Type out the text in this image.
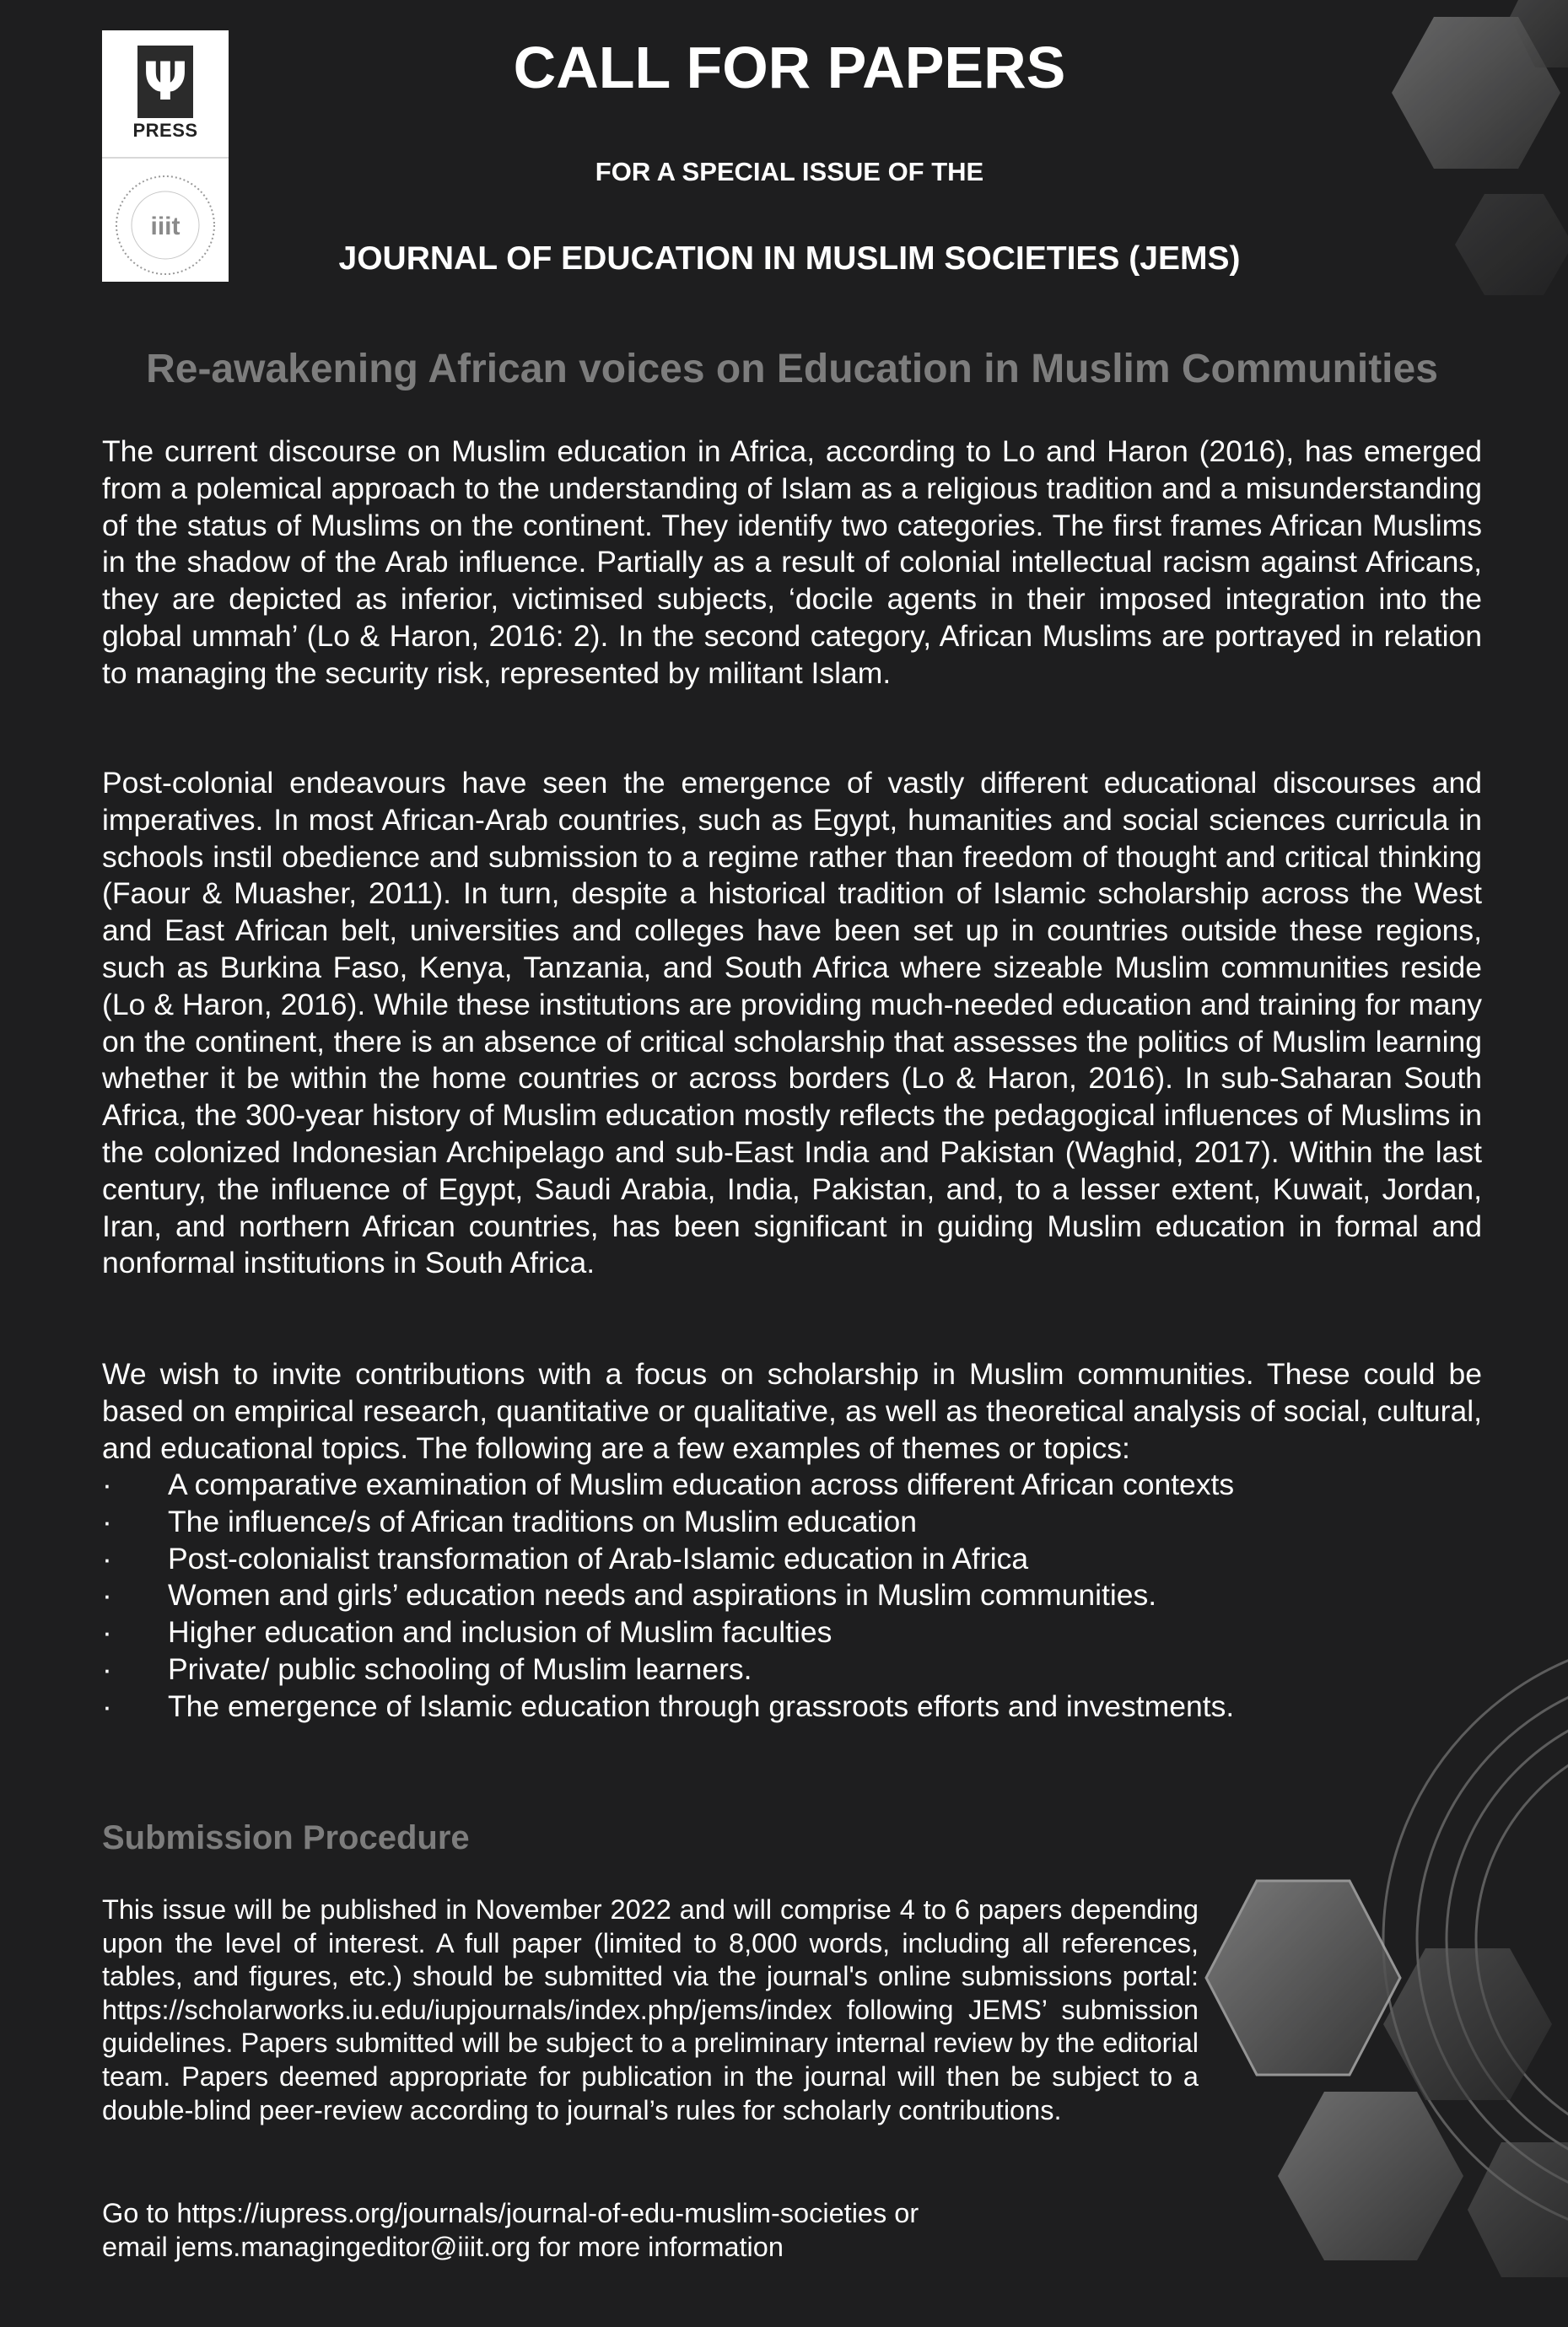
Ψ
PRESS
iiit
CALL FOR PAPERS
FOR A SPECIAL ISSUE OF THE
JOURNAL OF EDUCATION IN MUSLIM SOCIETIES (JEMS)
Re-awakening African voices on Education in Muslim Communities

The current discourse on Muslim education in Africa, according to Lo and Haron (2016), has emerged from a polemical approach to the understanding of Islam as a religious tradition and a misunderstanding of the status of Muslims on the continent. They identify two categories. The first frames African Muslims in the shadow of the Arab influence. Partially as a result of colonial intellectual racism against Africans, they are depicted as inferior, victimised subjects, ‘docile agents in their imposed integration into the global ummah’ (Lo & Haron, 2016: 2). In the second category, African Muslims are portrayed in relation to managing the security risk, represented by militant Islam.

Post-colonial endeavours have seen the emergence of vastly different educational discourses and imperatives. In most African-Arab countries, such as Egypt, humanities and social sciences curricula in schools instil obedience and submission to a regime rather than freedom of thought and critical thinking (Faour & Muasher, 2011). In turn, despite a historical tradition of Islamic scholarship across the West and East African belt, universities and colleges have been set up in countries outside these regions, such as Burkina Faso, Kenya, Tanzania, and South Africa where sizeable Muslim communities reside (Lo & Haron, 2016). While these institutions are providing much-needed education and training for many on the continent, there is an absence of critical scholarship that assesses the politics of Muslim learning whether it be within the home countries or across borders (Lo & Haron, 2016). In sub-Saharan South Africa, the 300-year history of Muslim education mostly reflects the pedagogical influences of Muslims in the colonized Indonesian Archipelago and sub-East India and Pakistan (Waghid, 2017). Within the last century, the influence of Egypt, Saudi Arabia, India, Pakistan, and, to a lesser extent, Kuwait, Jordan, Iran, and northern African countries, has been significant in guiding Muslim education in formal and nonformal institutions in South Africa.

We wish to invite contributions with a focus on scholarship in Muslim communities. These could be based on empirical research, quantitative or qualitative, as well as theoretical analysis of social, cultural, and educational topics. The following are a few examples of themes or topics:

· A comparative examination of Muslim education across different African contexts
· The influence/s of African traditions on Muslim education
· Post-colonialist transformation of Arab-Islamic education in Africa
· Women and girls’ education needs and aspirations in Muslim communities.
· Higher education and inclusion of Muslim faculties
· Private/ public schooling of Muslim learners.
· The emergence of Islamic education through grassroots efforts and investments.
Submission Procedure

This issue will be published in November 2022 and will comprise 4 to 6 papers depending upon the level of interest. A full paper (limited to 8,000 words, including all references, tables, and figures, etc.) should be submitted via the journal's online submissions portal: https://scholarworks.iu.edu/iupjournals/index.php/jems/index following JEMS’ submission guidelines. Papers submitted will be subject to a preliminary internal review by the editorial team. Papers deemed appropriate for publication in the journal will then be subject to a double-blind peer-review according to journal’s rules for scholarly contributions.

Go to https://iupress.org/journals/journal-of-edu-muslim-societies or
email jems.managingeditor@iiit.org for more information
